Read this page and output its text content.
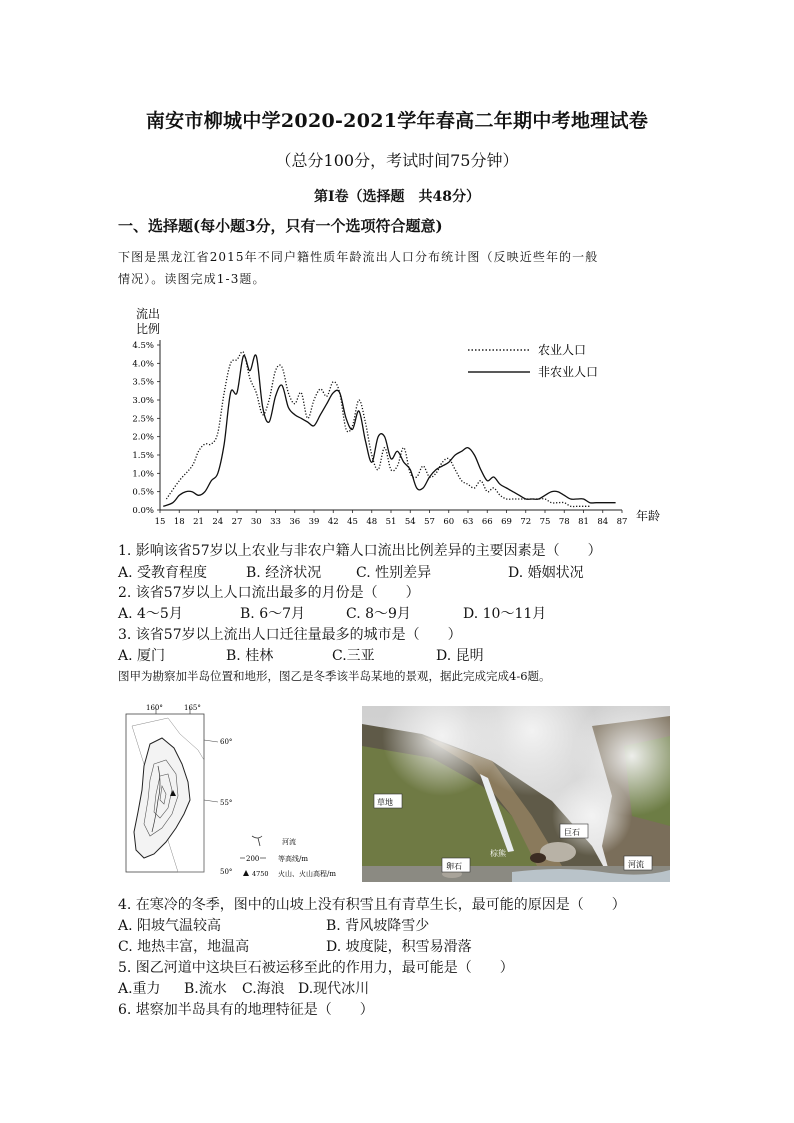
南安市柳城中学2020-2021学年春高二年期中考地理试卷
（总分100分，考试时间75分钟）
第I卷（选择题　共48分）
一、选择题(每小题3分，只有一个选项符合题意)
下图是黑龙江省2015年不同户籍性质年龄流出人口分布统计图（反映近些年的一般
情况）。读图完成1-3题。
流出
比例
4.5%
4.0%
3.5%
3.0%
2.5%
2.0%
1.5%
1.0%
0.5%
0.0%
15 18 21 24 27 30 33 36 39 42 45 48 51 54 57 60 63 66 69 72 75 78 81 84 87
农业人口
非农业人口
年龄
1. 影响该省57岁以上农业与非农户籍人口流出比例差异的主要因素是（　　）
A. 受教育程度	B. 经济状况 C. 性别差异	D. 婚姻状况
2. 该省57岁以上人口流出最多的月份是（　　）
A. 4～5月	B. 6～7月	C. 8～9月	D. 10～11月
3. 该省57岁以上流出人口迁往量最多的城市是（　　）
A. 厦门	B. 桂林	C.三亚	D. 昆明
图甲为勘察加半岛位置和地形，图乙是冬季该半岛某地的景观，据此完成完成4-6题。
160°	165°
60°
55°
50°
河流
200	等高线/m
4750 火山、火山高程/m
草地
巨石
棕熊
卵石	河流
4. 在寒冷的冬季，图中的山坡上没有积雪且有青草生长，最可能的原因是（　　）
A. 阳坡气温较高	B. 背风坡降雪少
C. 地热丰富，地温高	D. 坡度陡，积雪易滑落
5. 图乙河道中这块巨石被运移至此的作用力，最可能是（　　）
A.重力 B.流水 C.海浪 D.现代冰川
6. 堪察加半岛具有的地理特征是（　　）
